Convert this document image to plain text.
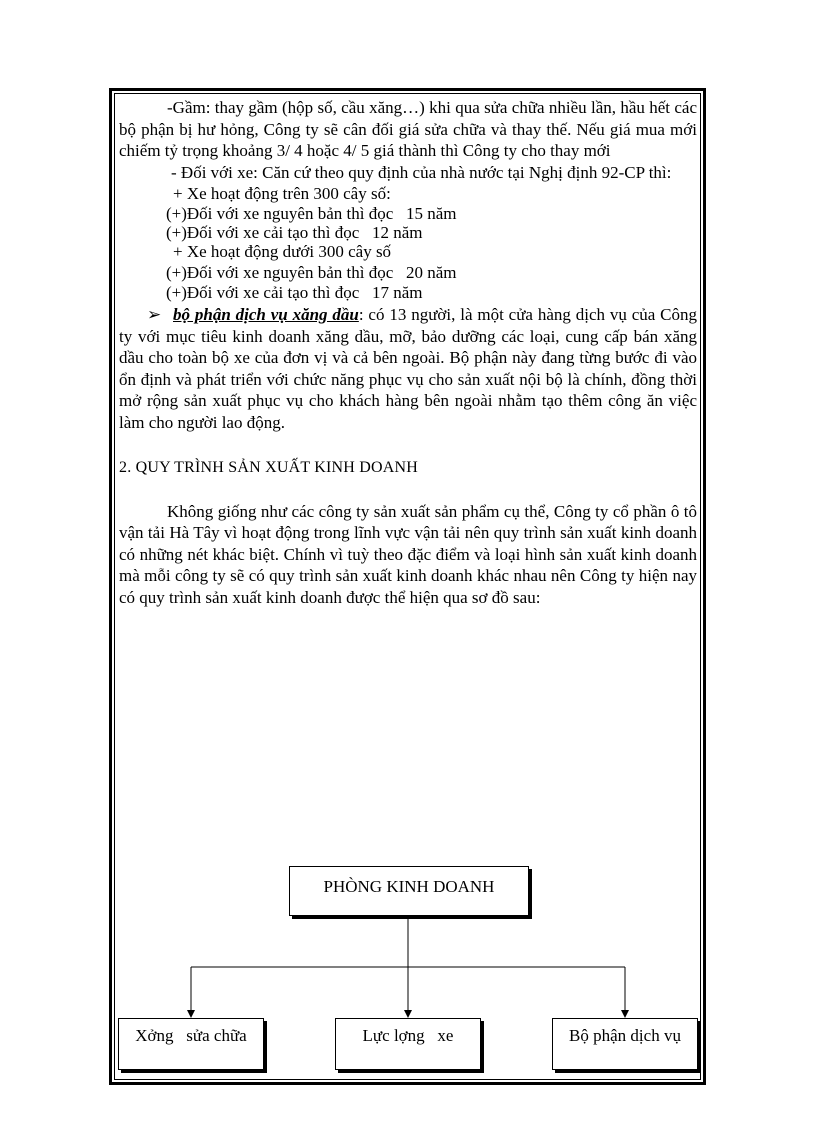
-Gầm: thay gầm (hộp số, cầu xăng…) khi qua sửa chữa nhiều lần, hầu hết các bộ phận bị hư hỏng, Công ty sẽ cân đối giá sửa chữa và thay thế. Nếu giá mua mới chiếm tỷ trọng khoảng 3/ 4 hoặc 4/ 5 giá thành thì Công ty cho thay mới

- Đối với xe: Căn cứ theo quy định của nhà nước tại Nghị định 92-CP thì:

+ Xe hoạt động trên 300 cây số:

(+)Đối với xe nguyên bản thì đọc   15 năm

(+)Đối với xe cải tạo thì đọc   12 năm

+ Xe hoạt động dưới 300 cây số

(+)Đối với xe nguyên bản thì đọc   20 năm

(+)Đối với xe cải tạo thì đọc   17 năm

➢ bộ phận dịch vụ xăng dầu: có 13 người, là một cửa hàng dịch vụ của Công ty với mục tiêu kinh doanh xăng dầu, mỡ, bảo dưỡng các loại, cung cấp bán xăng dầu cho toàn bộ xe của đơn vị và cả bên ngoài. Bộ phận này đang từng bước đi vào ổn định và phát triển với chức năng phục vụ cho sản xuất nội bộ là chính, đồng thời mở rộng sản xuất phục vụ cho khách hàng bên ngoài nhằm tạo thêm công ăn việc làm cho người lao động.

2. QUY TRÌNH SẢN XUẤT KINH DOANH

Không giống như các công ty sản xuất sản phẩm cụ thể, Công ty cổ phần ô tô vận tải Hà Tây vì hoạt động trong lĩnh vực vận tải nên quy trình sản xuất kinh doanh có những nét khác biệt. Chính vì tuỳ theo đặc điểm và loại hình sản xuất kinh doanh mà mỗi công ty sẽ có quy trình sản xuất kinh doanh khác nhau nên Công ty hiện nay có quy trình sản xuất kinh doanh được thể hiện qua sơ đồ sau:

PHÒNG KINH DOANH
Xởng   sửa chữa	Lực lợng   xe	Bộ phận dịch vụ
